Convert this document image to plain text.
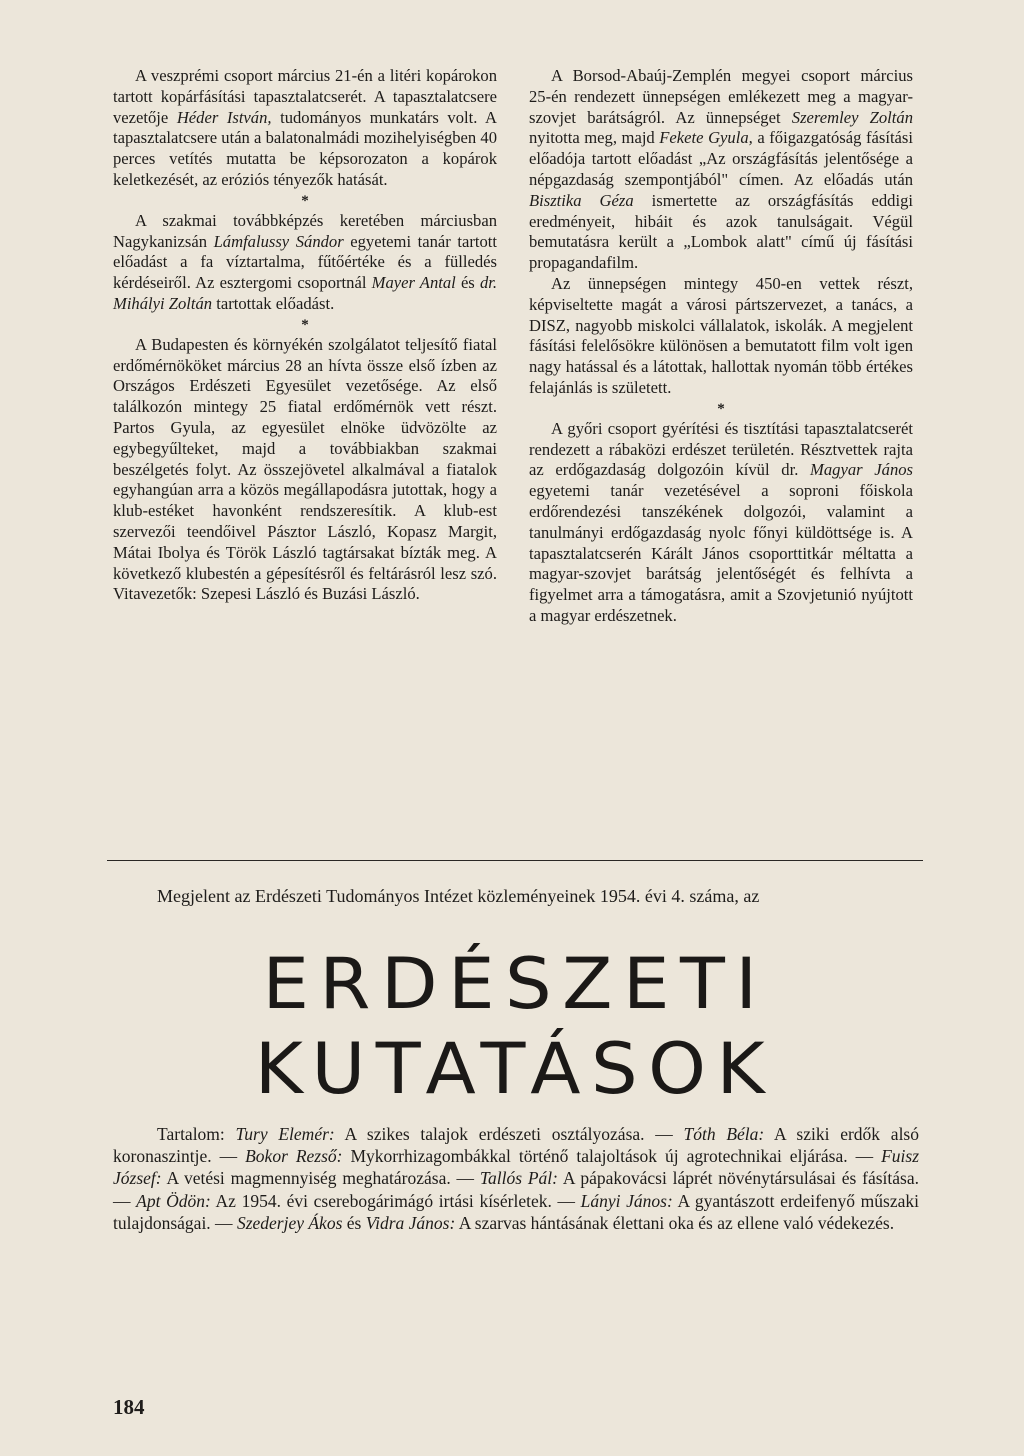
A veszprémi csoport március 21-én a litéri kopárokon tartott kopárfásítási tapasztalatcserét. A tapasztalatcsere vezetője Héder István, tudományos munkatárs volt. A tapasztalatcsere után a balatonalmádi mozihelyiségben 40 perces vetítés mutatta be képsorozaton a kopárok keletkezését, az eróziós tényezők hatását.

*

A szakmai továbbképzés keretében márciusban Nagykanizsán Lámfalussy Sándor egyetemi tanár tartott előadást a fa víztartalma, fűtőértéke és a fülledés kérdéseiről. Az esztergomi csoportnál Mayer Antal és dr. Mihályi Zoltán tartottak előadást.

*

A Budapesten és környékén szolgálatot teljesítő fiatal erdőmérnököket március 28 an hívta össze első ízben az Országos Erdészeti Egyesület vezetősége. Az első találkozón mintegy 25 fiatal erdőmérnök vett részt. Partos Gyula, az egyesület elnöke üdvözölte az egybegyűlteket, majd a továbbiakban szakmai beszélgetés folyt. Az összejövetel alkalmával a fiatalok egyhangúan arra a közös megállapodásra jutottak, hogy a klub-estéket havonként rendszeresítik. A klub-est szervezői teendőivel Pásztor László, Kopasz Margit, Mátai Ibolya és Török László tagtársakat bízták meg. A következő klubestén a gépesítésről és feltárásról lesz szó. Vitavezetők: Szepesi László és Buzási László.

A Borsod-Abaúj-Zemplén megyei csoport március 25-én rendezett ünnepségen emlékezett meg a magyar-szovjet barátságról. Az ünnepséget Szeremley Zoltán nyitotta meg, majd Fekete Gyula, a főigazgatóság fásítási előadója tartott előadást „Az országfásítás jelentősége a népgazdaság szempontjából" címen. Az előadás után Bisztika Géza ismertette az országfásítás eddigi eredményeit, hibáit és azok tanulságait. Végül bemutatásra került a „Lombok alatt" című új fásítási propagandafilm.

Az ünnepségen mintegy 450-en vettek részt, képviseltette magát a városi pártszervezet, a tanács, a DISZ, nagyobb miskolci vállalatok, iskolák. A megjelent fásítási felelősökre különösen a bemutatott film volt igen nagy hatással és a látottak, hallottak nyomán több értékes felajánlás is született.

*

A győri csoport gyérítési és tisztítási tapasztalatcserét rendezett a rábaközi erdészet területén. Résztvettek rajta az erdőgazdaság dolgozóin kívül dr. Magyar János egyetemi tanár vezetésével a soproni főiskola erdőrendezési tanszékének dolgozói, valamint a tanulmányi erdőgazdaság nyolc főnyi küldöttsége is. A tapasztalatcserén Kárált János csoporttitkár méltatta a magyar-szovjet barátság jelentőségét és felhívta a figyelmet arra a támogatásra, amit a Szovjetunió nyújtott a magyar erdészetnek.

Megjelent az Erdészeti Tudományos Intézet közleményeinek 1954. évi 4. száma, az
ERDÉSZETI
KUTATÁSOK

Tartalom: Tury Elemér: A szikes talajok erdészeti osztályozása. — Tóth Béla: A sziki erdők alsó koronaszintje. — Bokor Rezső: Mykorrhizagombákkal történő talajoltások új agrotechnikai eljárása. — Fuisz József: A vetési magmennyiség meghatározása. — Tallós Pál: A pápakovácsi láprét növénytársulásai és fásítása. — Apt Ödön: Az 1954. évi cserebogárimágó irtási kísérletek. — Lányi János: A gyantászott erdeifenyő műszaki tulajdonságai. — Szederjey Ákos és Vidra János: A szarvas hántásának élettani oka és az ellene való védekezés.

184
